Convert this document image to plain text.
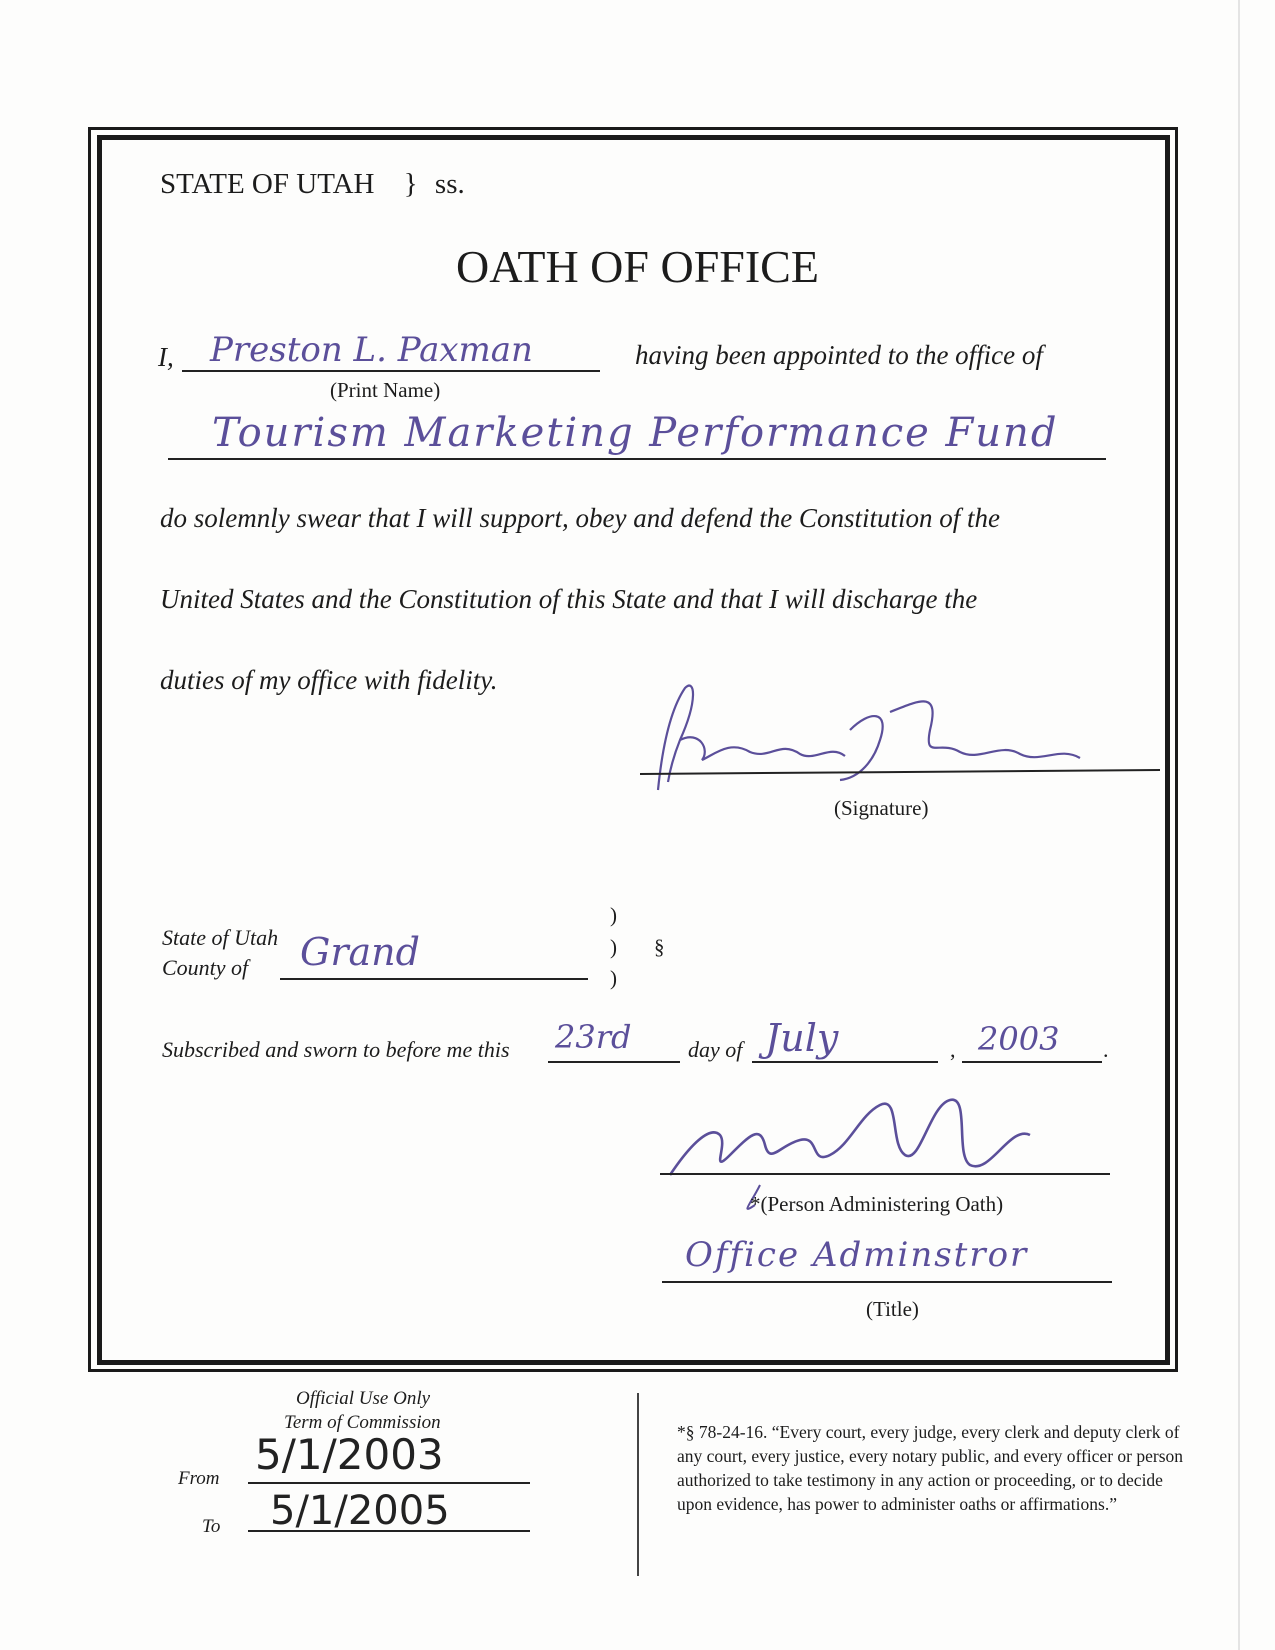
STATE OF UTAH } ss.
OATH OF OFFICE
I, Preston L. Paxman	having been appointed to the office of
(Print Name)
Tourism Marketing Performance Fund
do solemnly swear that I will support, obey and defend the Constitution of the
United States and the Constitution of this State and that I will discharge the
duties of my office with fidelity.
(Signature)
State of Utah
County of Grand
)
)
)
§
Subscribed and sworn to before me this 23rd	day of July	, 2003 .
*(Person Administering Oath)
Office Adminstror
(Title)
Official Use Only
Term of Commission
From 5/1/2003
To 5/1/2005
*§ 78-24-16. “Every court, every judge, every clerk and deputy clerk of any court, every justice, every notary public, and every officer or person authorized to take testimony in any action or proceeding, or to decide upon evidence, has power to administer oaths or affirmations.”
